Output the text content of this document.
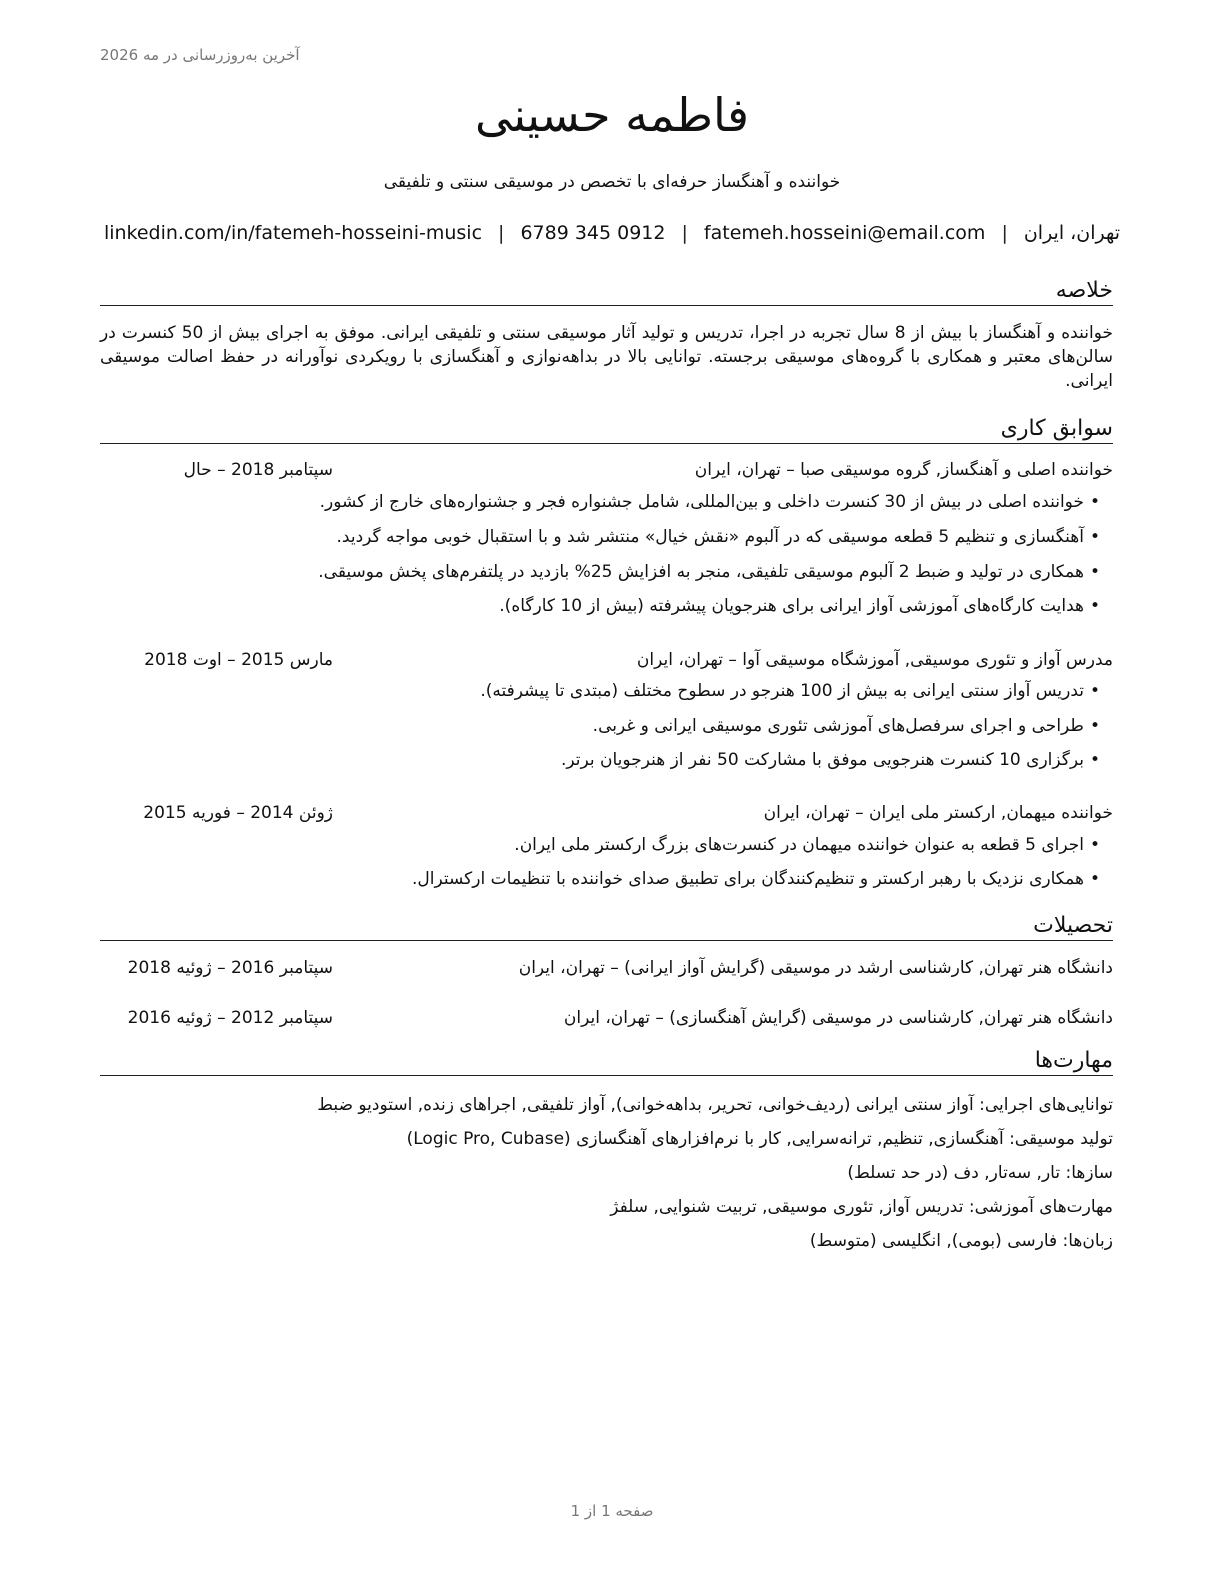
آخرین به‌روزرسانی در مه 2026
فاطمه حسینی
خواننده و آهنگساز حرفه‌ای با تخصص در موسیقی سنتی و تلفیقی
تهران، ایران|fatemeh.hosseini@email.com|6789 345 0912|linkedin.com/in/fatemeh-hosseini-music
خلاصه
خواننده و آهنگساز با بیش از 8 سال تجربه در اجرا، تدریس و تولید آثار موسیقی سنتی و تلفیقی ایرانی. موفق به اجرای بیش از 50 کنسرت در سالن‌های معتبر و همکاری با گروه‌های موسیقی برجسته. توانایی بالا در بداهه‌نوازی و آهنگسازی با رویکردی نوآورانه در حفظ اصالت موسیقی ایرانی.
سوابق کاری
خواننده اصلی و آهنگساز, گروه موسیقی صبا – تهران، ایران
سپتامبر 2018 – حال
•خواننده اصلی در بیش از 30 کنسرت داخلی و بین‌المللی، شامل جشنواره فجر و جشنواره‌های خارج از کشور.
•آهنگسازی و تنظیم 5 قطعه موسیقی که در آلبوم «نقش خیال» منتشر شد و با استقبال خوبی مواجه گردید.
•همکاری در تولید و ضبط 2 آلبوم موسیقی تلفیقی، منجر به افزایش 25% بازدید در پلتفرم‌های پخش موسیقی.
•هدایت کارگاه‌های آموزشی آواز ایرانی برای هنرجویان پیشرفته (بیش از 10 کارگاه).
مدرس آواز و تئوری موسیقی, آموزشگاه موسیقی آوا – تهران، ایران
مارس 2015 – اوت 2018
•تدریس آواز سنتی ایرانی به بیش از 100 هنرجو در سطوح مختلف (مبتدی تا پیشرفته).
•طراحی و اجرای سرفصل‌های آموزشی تئوری موسیقی ایرانی و غربی.
•برگزاری 10 کنسرت هنرجویی موفق با مشارکت 50 نفر از هنرجویان برتر.
خواننده میهمان, ارکستر ملی ایران – تهران، ایران
ژوئن 2014 – فوریه 2015
•اجرای 5 قطعه به عنوان خواننده میهمان در کنسرت‌های بزرگ ارکستر ملی ایران.
•همکاری نزدیک با رهبر ارکستر و تنظیم‌کنندگان برای تطبیق صدای خواننده با تنظیمات ارکسترال.
تحصیلات
دانشگاه هنر تهران, کارشناسی ارشد در موسیقی (گرایش آواز ایرانی) – تهران، ایران
سپتامبر 2016 – ژوئیه 2018
دانشگاه هنر تهران, کارشناسی در موسیقی (گرایش آهنگسازی) – تهران، ایران
سپتامبر 2012 – ژوئیه 2016
مهارت‌ها
توانایی‌های اجرایی: آواز سنتی ایرانی (ردیف‌خوانی، تحریر، بداهه‌خوانی), آواز تلفیقی, اجراهای زنده, استودیو ضبط
تولید موسیقی: آهنگسازی, تنظیم, ترانه‌سرایی, کار با نرم‌افزارهای آهنگسازی (Logic Pro, Cubase)
سازها: تار, سه‌تار, دف (در حد تسلط)
مهارت‌های آموزشی: تدریس آواز, تئوری موسیقی, تربیت شنوایی, سلفژ
زبان‌ها: فارسی (بومی), انگلیسی (متوسط)
صفحه 1 از 1
